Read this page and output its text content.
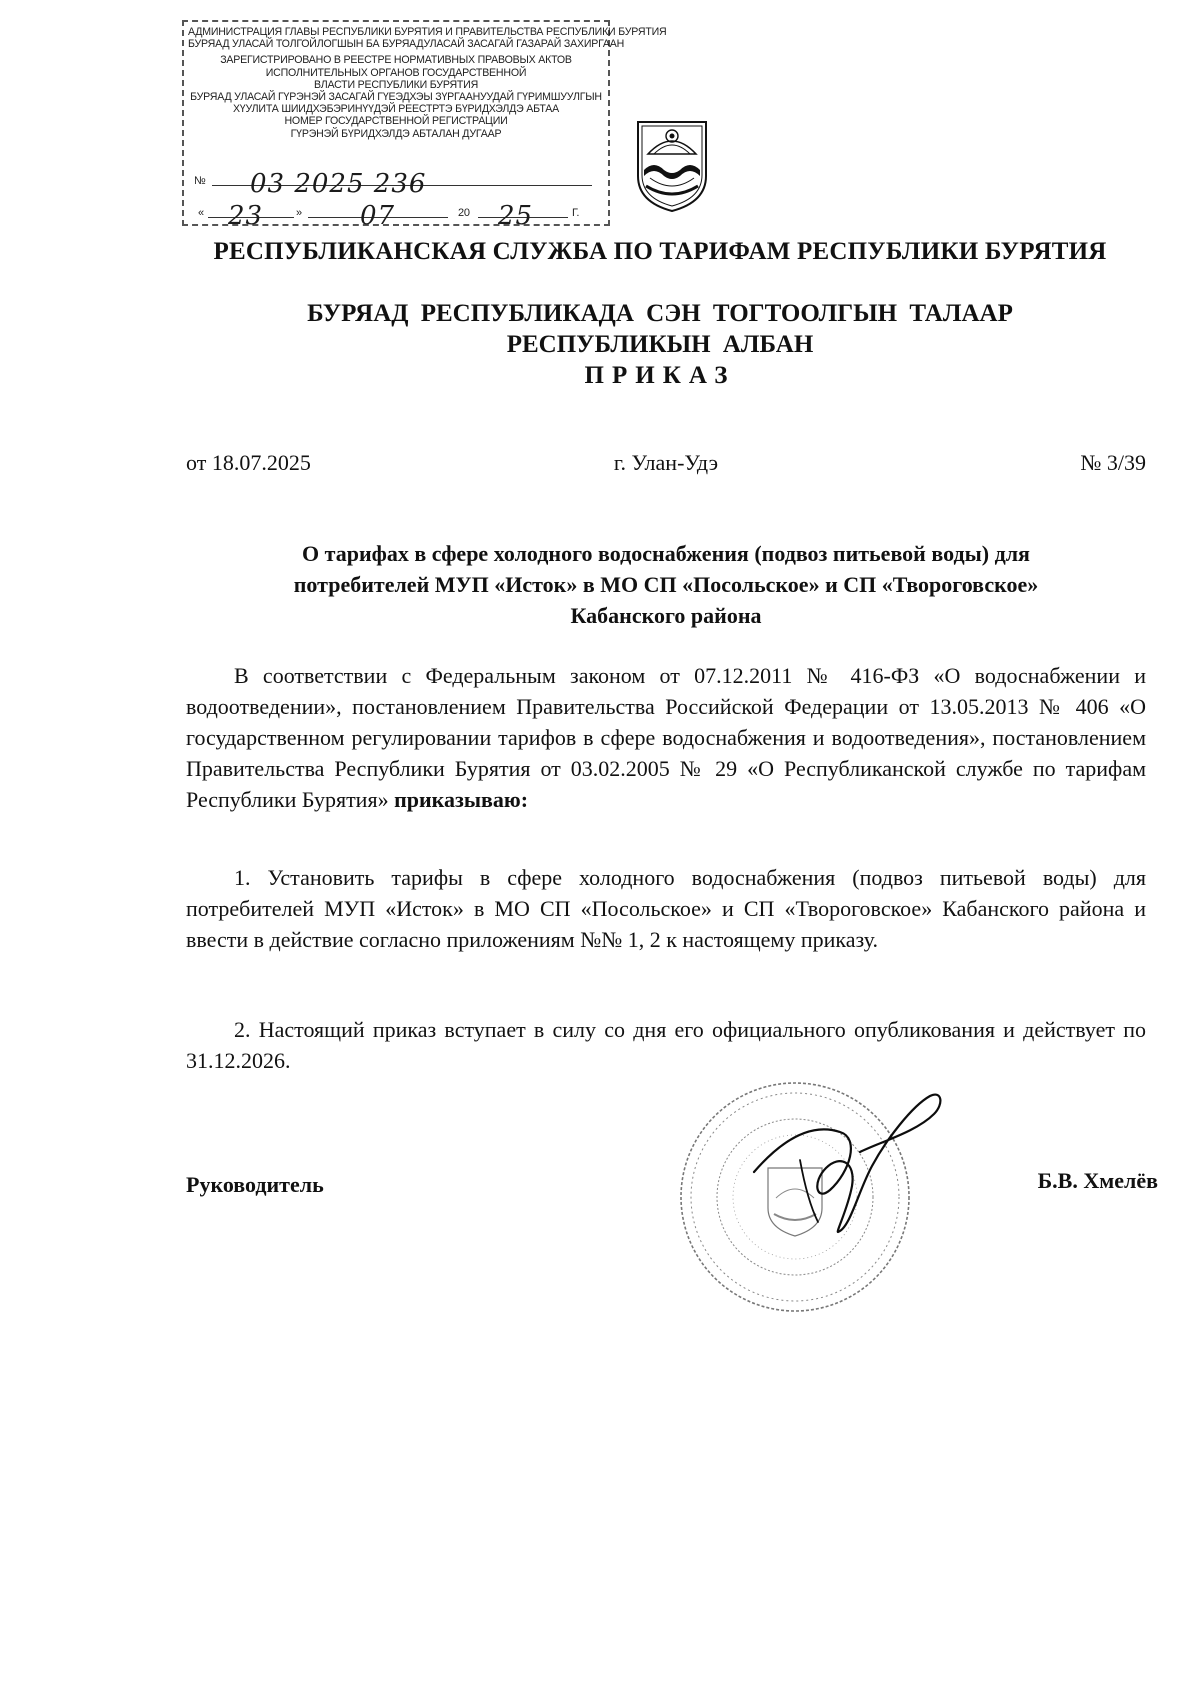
АДМИНИСТРАЦИЯ ГЛАВЫ РЕСПУБЛИКИ БУРЯТИЯ И ПРАВИТЕЛЬСТВА РЕСПУБЛИКИ БУРЯТИЯ
БУРЯАД УЛАСАЙ ТОЛГОЙЛОГШЫН БА БУРЯАДУЛАСАЙ ЗАСАГАЙ ГАЗАРАЙ ЗАХИРГААН
ЗАРЕГИСТРИРОВАНО В РЕЕСТРЕ НОРМАТИВНЫХ ПРАВОВЫХ АКТОВ
ИСПОЛНИТЕЛЬНЫХ ОРГАНОВ ГОСУДАРСТВЕННОЙ
ВЛАСТИ РЕСПУБЛИКИ БУРЯТИЯ
БУРЯАД УЛАСАЙ ГҮРЭНЭЙ ЗАСАГАЙ ГҮЕЭДХЭЫ ЗҮРГААНУУДАЙ ГҮРИМШУУЛГЫН
ХҮУЛИТА ШИИДХЭБЭРИНҮҮДЭЙ РЕЕСТРТЭ БҮРИДХЭЛДЭ АБТАА
НОМЕР ГОСУДАРСТВЕННОЙ РЕГИСТРАЦИИ
ГҮРЭНЭЙ БҮРИДХЭЛДЭ АБТАЛАН ДУГААР
№ 03 2025 236
« 23	» 07	20 25	Г.
РЕСПУБЛИКАНСКАЯ СЛУЖБА ПО ТАРИФАМ РЕСПУБЛИКИ БУРЯТИЯ
БУРЯАД РЕСПУБЛИКАДА СЭН ТОГТООЛГЫН ТАЛААР
РЕСПУБЛИКЫН АЛБАН
ПРИКАЗ
от 18.07.2025	г. Улан-Удэ	№ 3/39
О тарифах в сфере холодного водоснабжения (подвоз питьевой воды) для
потребителей МУП «Исток» в МО СП «Посольское» и СП «Твороговское»
Кабанского района
В соответствии с Федеральным законом от 07.12.2011 № 416-ФЗ «О водоснабжении и водоотведении», постановлением Правительства Российской Федерации от 13.05.2013 № 406 «О государственном регулировании тарифов в сфере водоснабжения и водоотведения», постановлением Правительства Республики Бурятия от 03.02.2005 № 29 «О Республиканской службе по тарифам Республики Бурятия» приказываю:
1. Установить тарифы в сфере холодного водоснабжения (подвоз питьевой воды) для потребителей МУП «Исток» в МО СП «Посольское» и СП «Твороговское» Кабанского района и ввести в действие согласно приложениям №№ 1, 2 к настоящему приказу.
2. Настоящий приказ вступает в силу со дня его официального опубликования и действует по 31.12.2026.
Руководитель	Б.В. Хмелёв
